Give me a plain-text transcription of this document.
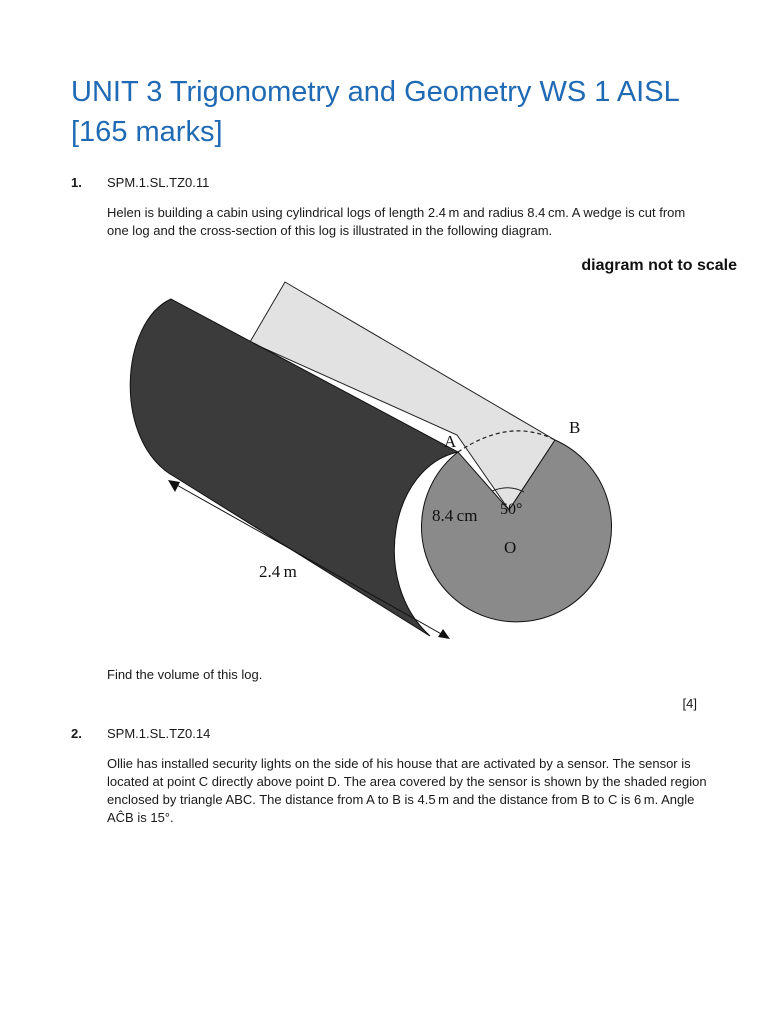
UNIT 3 Trigonometry and Geometry WS 1 AISL [165 marks]
1. SPM.1.SL.TZ0.11

Helen is building a cabin using cylindrical logs of length 2.4 m and radius 8.4 cm. A wedge is cut from one log and the cross-section of this log is illustrated in the following diagram.

diagram not to scale
A
B
O
8.4 cm 50°
2.4 m

Find the volume of this log.

[4]
2. SPM.1.SL.TZ0.14

Ollie has installed security lights on the side of his house that are activated by a sensor. The sensor is located at point C directly above point D. The area covered by the sensor is shown by the shaded region enclosed by triangle ABC. The distance from A to B is 4.5 m and the distance from B to C is 6 m. Angle AĈB is 15°.
